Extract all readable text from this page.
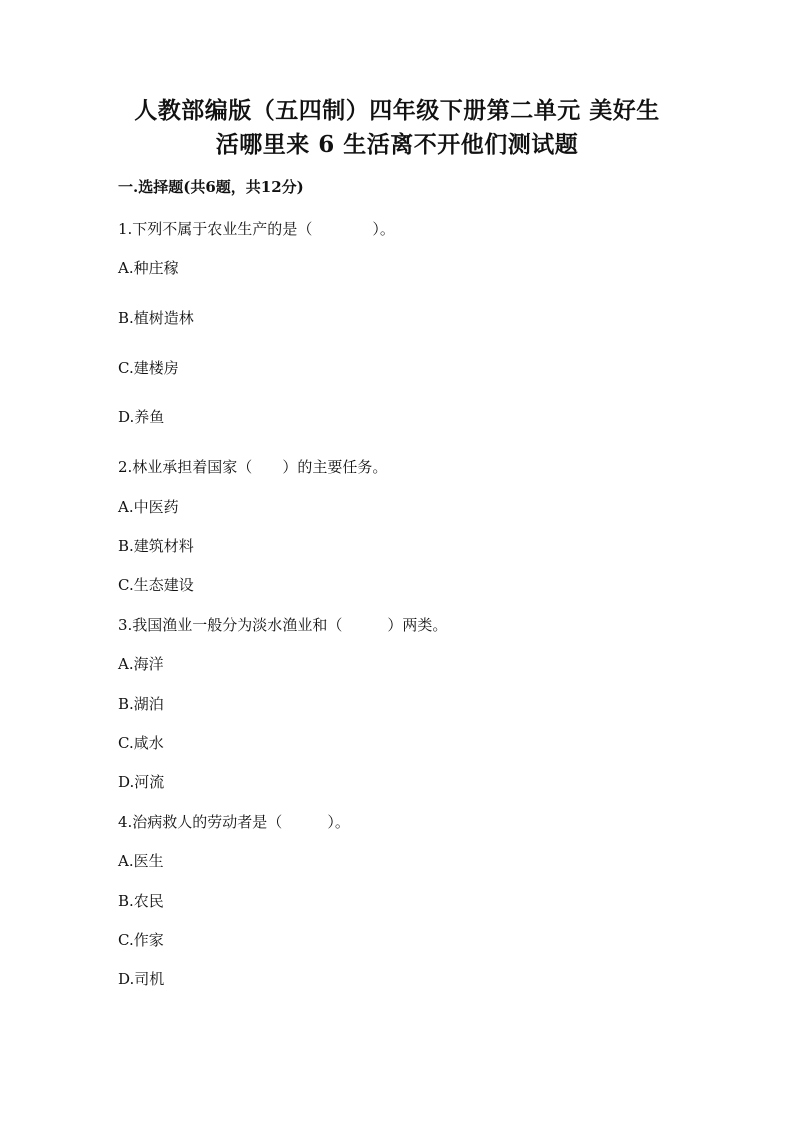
人教部编版（五四制）四年级下册第二单元 美好生
活哪里来 6 生活离不开他们测试题
一.选择题(共6题，共12分)
1.下列不属于农业生产的是（　　　　）。
A.种庄稼
B.植树造林
C.建楼房
D.养鱼
2.林业承担着国家（　　）的主要任务。
A.中医药
B.建筑材料
C.生态建设
3.我国渔业一般分为淡水渔业和（　　　）两类。
A.海洋
B.湖泊
C.咸水
D.河流
4.治病救人的劳动者是（　　　）。
A.医生
B.农民
C.作家
D.司机
